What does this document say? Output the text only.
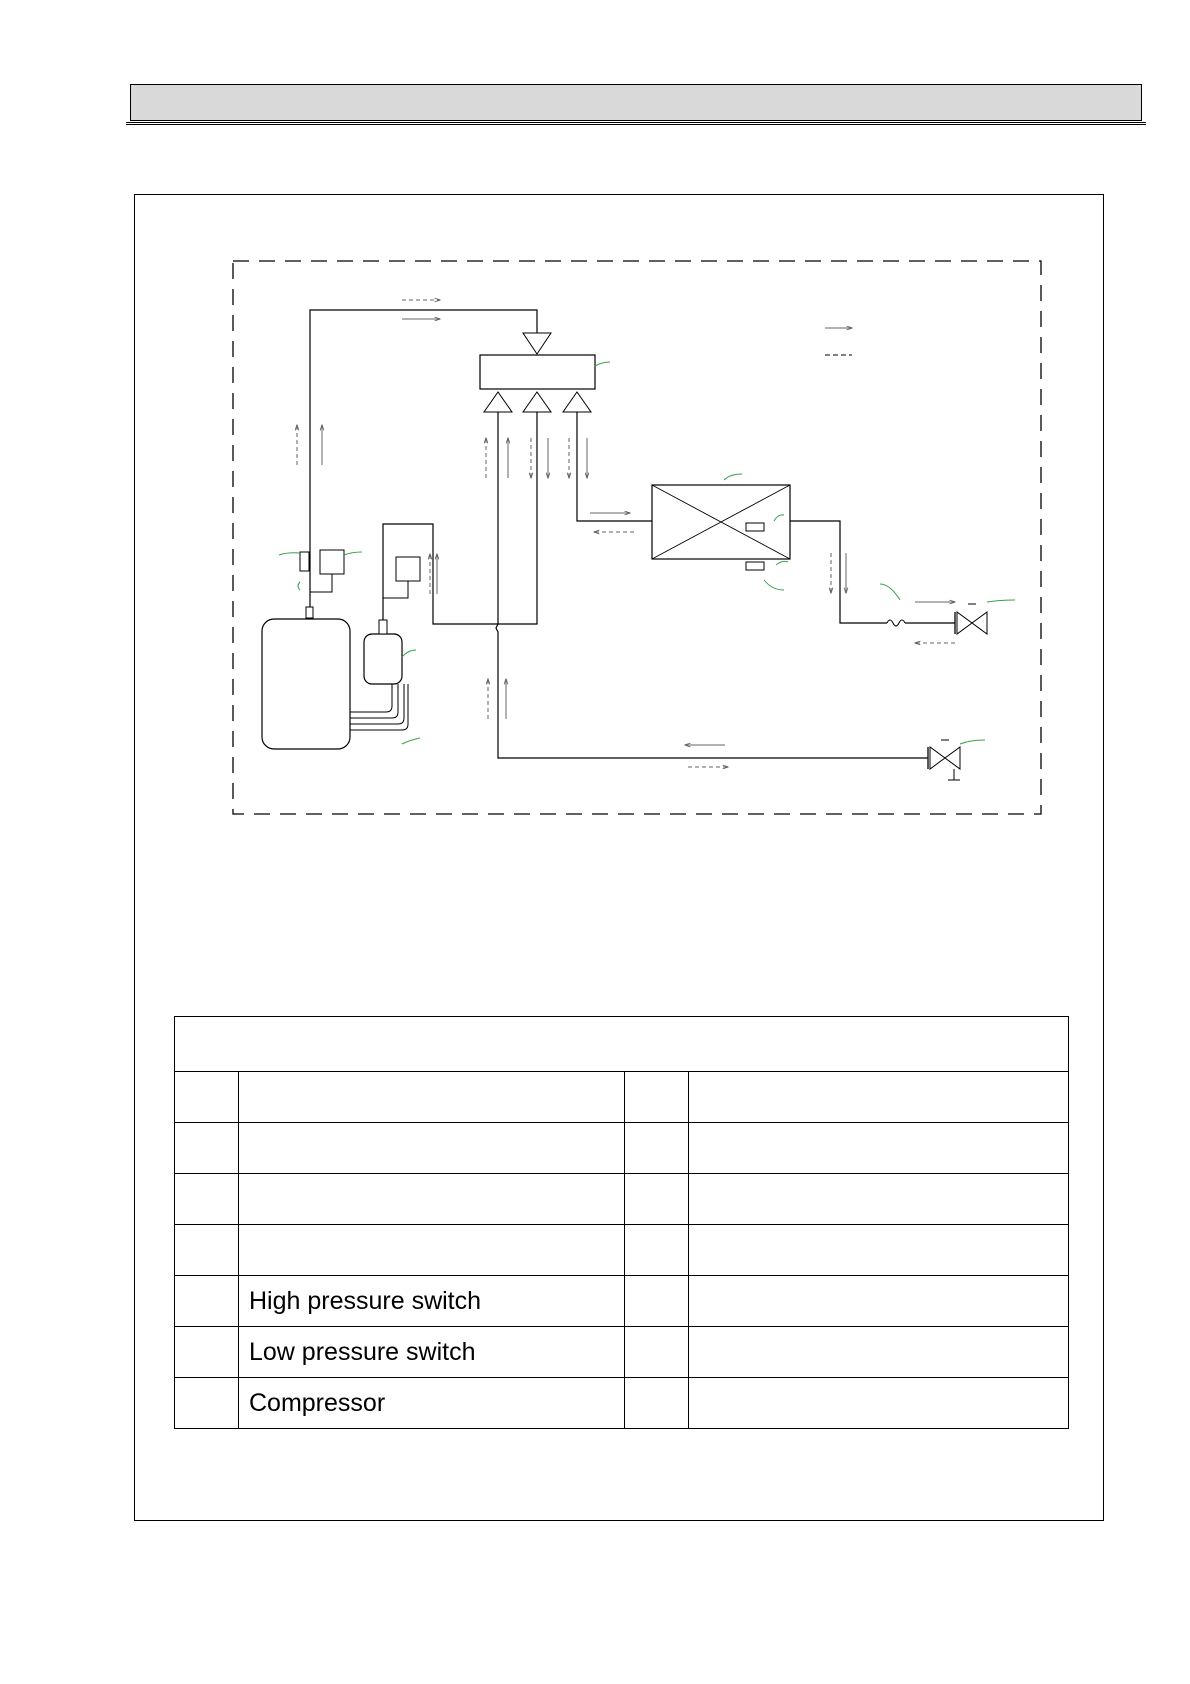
	High pressure switch		
	Low pressure switch		
	Compressor		
